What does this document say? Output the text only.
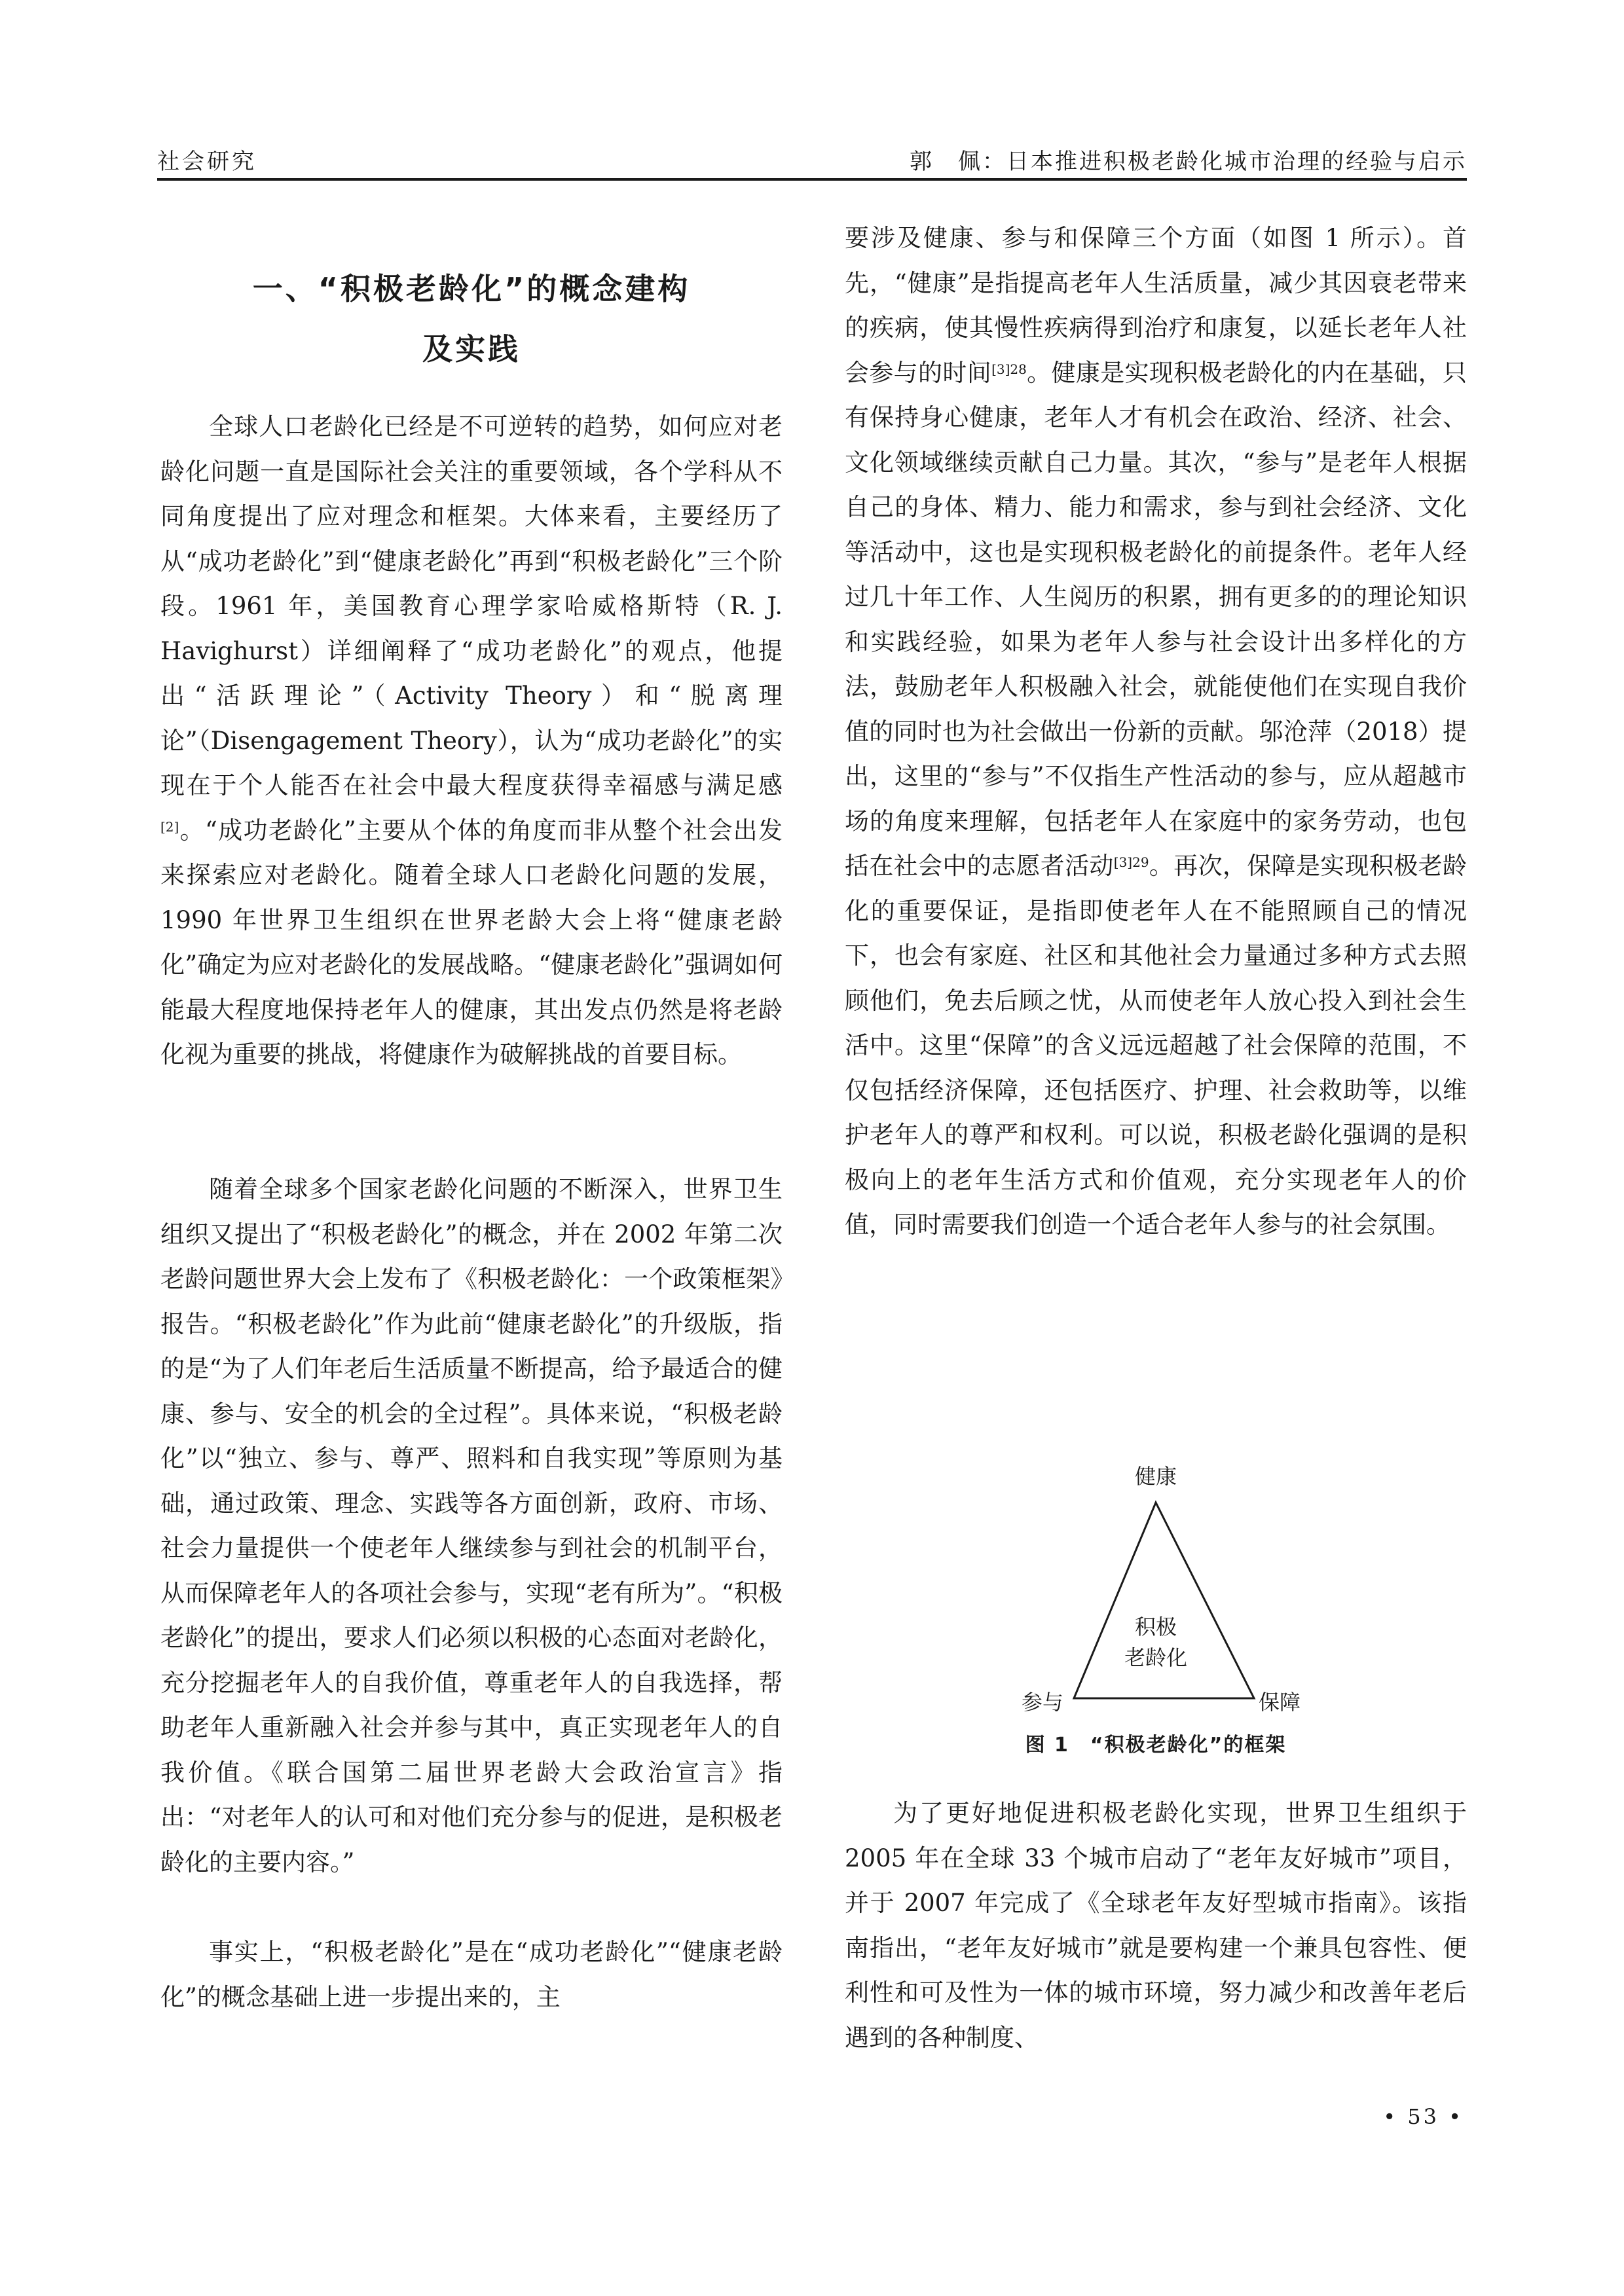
社会研究	郭　佩：日本推进积极老龄化城市治理的经验与启示
一、“积极老龄化”的概念建构
及实践

全球人口老龄化已经是不可逆转的趋势，如何应对老龄化问题一直是国际社会关注的重要领域，各个学科从不同角度提出了应对理念和框架。大体来看，主要经历了从“成功老龄化”到“健康老龄化”再到“积极老龄化”三个阶段。1961 年，美国教育心理学家哈威格斯特（R. J. Havighurst）详细阐释了“成功老龄化”的观点，他提出“活跃理论”（Activity Theory）和“脱离理论”（Disengagement Theory），认为“成功老龄化”的实现在于个人能否在社会中最大程度获得幸福感与满足感[2]。“成功老龄化”主要从个体的角度而非从整个社会出发来探索应对老龄化。随着全球人口老龄化问题的发展，1990 年世界卫生组织在世界老龄大会上将“健康老龄化”确定为应对老龄化的发展战略。“健康老龄化”强调如何能最大程度地保持老年人的健康，其出发点仍然是将老龄化视为重要的挑战，将健康作为破解挑战的首要目标。

随着全球多个国家老龄化问题的不断深入，世界卫生组织又提出了“积极老龄化”的概念，并在 2002 年第二次老龄问题世界大会上发布了《积极老龄化：一个政策框架》报告。“积极老龄化”作为此前“健康老龄化”的升级版，指的是“为了人们年老后生活质量不断提高，给予最适合的健康、参与、安全的机会的全过程”。具体来说，“积极老龄化”以“独立、参与、尊严、照料和自我实现”等原则为基础，通过政策、理念、实践等各方面创新，政府、市场、社会力量提供一个使老年人继续参与到社会的机制平台，从而保障老年人的各项社会参与，实现“老有所为”。“积极老龄化”的提出，要求人们必须以积极的心态面对老龄化，充分挖掘老年人的自我价值，尊重老年人的自我选择，帮助老年人重新融入社会并参与其中，真正实现老年人的自我价值。《联合国第二届世界老龄大会政治宣言》指出：“对老年人的认可和对他们充分参与的促进，是积极老龄化的主要内容。”

事实上，“积极老龄化”是在“成功老龄化”“健康老龄化”的概念基础上进一步提出来的，主

要涉及健康、参与和保障三个方面（如图 1 所示）。首先，“健康”是指提高老年人生活质量，减少其因衰老带来的疾病，使其慢性疾病得到治疗和康复，以延长老年人社会参与的时间$^{[3]28}$。健康是实现积极老龄化的内在基础，只有保持身心健康，老年人才有机会在政治、经济、社会、文化领域继续贡献自己力量。其次，“参与”是老年人根据自己的身体、精力、能力和需求，参与到社会经济、文化等活动中，这也是实现积极老龄化的前提条件。老年人经过几十年工作、人生阅历的积累，拥有更多的的理论知识和实践经验，如果为老年人参与社会设计出多样化的方法，鼓励老年人积极融入社会，就能使他们在实现自我价值的同时也为社会做出一份新的贡献。邬沧萍（2018）提出，这里的“参与”不仅指生产性活动的参与，应从超越市场的角度来理解，包括老年人在家庭中的家务劳动，也包括在社会中的志愿者活动$^{[3]29}$。再次，保障是实现积极老龄化的重要保证，是指即使老年人在不能照顾自己的情况下，也会有家庭、社区和其他社会力量通过多种方式去照顾他们，免去后顾之忧，从而使老年人放心投入到社会生活中。这里“保障”的含义远远超越了社会保障的范围，不仅包括经济保障，还包括医疗、护理、社会救助等，以维护老年人的尊严和权利。可以说，积极老龄化强调的是积极向上的老年生活方式和价值观，充分实现老年人的价值，同时需要我们创造一个适合老年人参与的社会氛围。

健康
参与	保障
积极
老龄化
图 1　“积极老龄化”的框架

为了更好地促进积极老龄化实现，世界卫生组织于 2005 年在全球 33 个城市启动了“老年友好城市”项目，并于 2007 年完成了《全球老年友好型城市指南》。该指南指出，“老年友好城市”就是要构建一个兼具包容性、便利性和可及性为一体的城市环境，努力减少和改善年老后遇到的各种制度、

• 53 •
